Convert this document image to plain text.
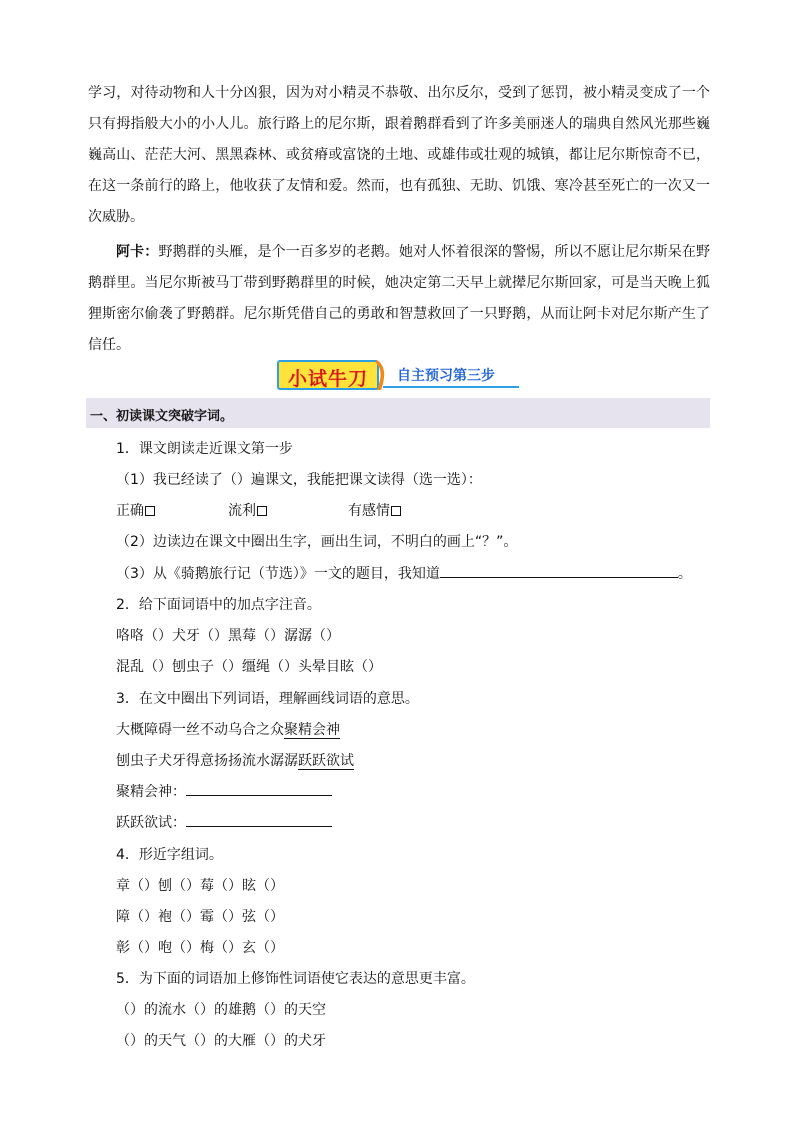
学习，对待动物和人十分凶狠，因为对小精灵不恭敬、出尔反尔，受到了惩罚，被小精灵变成了一个只有拇指般大小的小人儿。旅行路上的尼尔斯，跟着鹅群看到了许多美丽迷人的瑞典自然风光那些巍巍高山、茫茫大河、黑黑森林、或贫瘠或富饶的土地、或雄伟或壮观的城镇，都让尼尔斯惊奇不已，在这一条前行的路上，他收获了友情和爱。然而，也有孤独、无助、饥饿、寒冷甚至死亡的一次又一次威胁。

阿卡：野鹅群的头雁，是个一百多岁的老鹅。她对人怀着很深的警惕，所以不愿让尼尔斯呆在野鹅群里。当尼尔斯被马丁带到野鹅群里的时候，她决定第二天早上就撵尼尔斯回家，可是当天晚上狐狸斯密尔偷袭了野鹅群。尼尔斯凭借自己的勇敢和智慧救回了一只野鹅，从而让阿卡对尼尔斯产生了信任。

小试牛刀	自主预习第三步
一、初读课文突破字词。
1．课文朗读走近课文第一步
（1）我已经读了（）遍课文，我能把课文读得（选一选）：
正确	流利	有感情
（2）边读边在课文中圈出生字，画出生词，不明白的画上“？”。
（3）从《骑鹅旅行记（节选）》一文的题目，我知道	。
2．给下面词语中的加点字注音。
咯咯（）犬牙（）黑莓（）潺潺（）
混乱（）刨虫子（）缰绳（）头晕目眩（）
3．在文中圈出下列词语，理解画线词语的意思。
大概障碍一丝不动乌合之众聚精会神
刨虫子犬牙得意扬扬流水潺潺跃跃欲试
聚精会神：
跃跃欲试：
4．形近字组词。
章（）刨（）莓（）眩（）
障（）袍（）霉（）弦（）
彰（）咆（）梅（）玄（）
5．为下面的词语加上修饰性词语使它表达的意思更丰富。
（）的流水（）的雄鹅（）的天空
（）的天气（）的大雁（）的犬牙
